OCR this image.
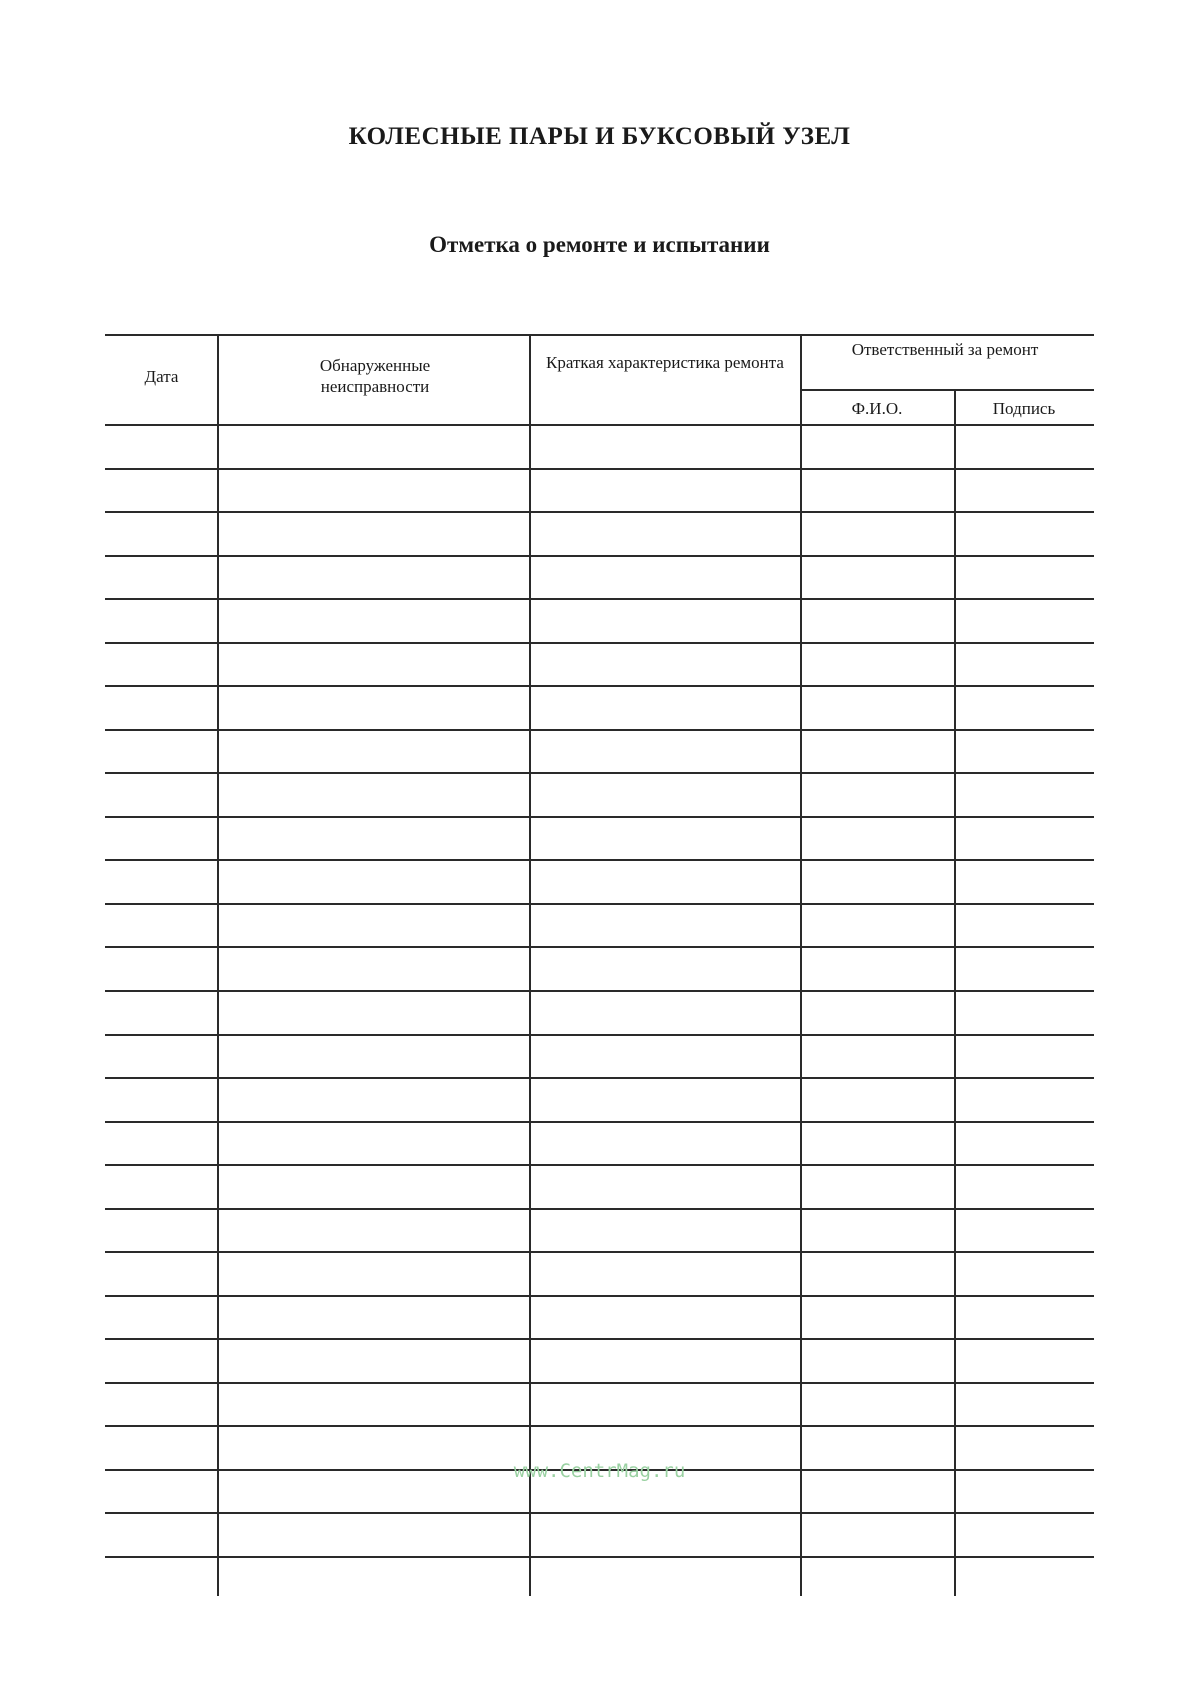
КОЛЕСНЫЕ ПАРЫ И БУКСОВЫЙ УЗЕЛ
Отметка о ремонте и испытании
Дата
Обнаруженные неисправности
Краткая характеристика ремонта
Ответственный за ремонт
Ф.И.О.	Подпись
www.CentrMag.ru
